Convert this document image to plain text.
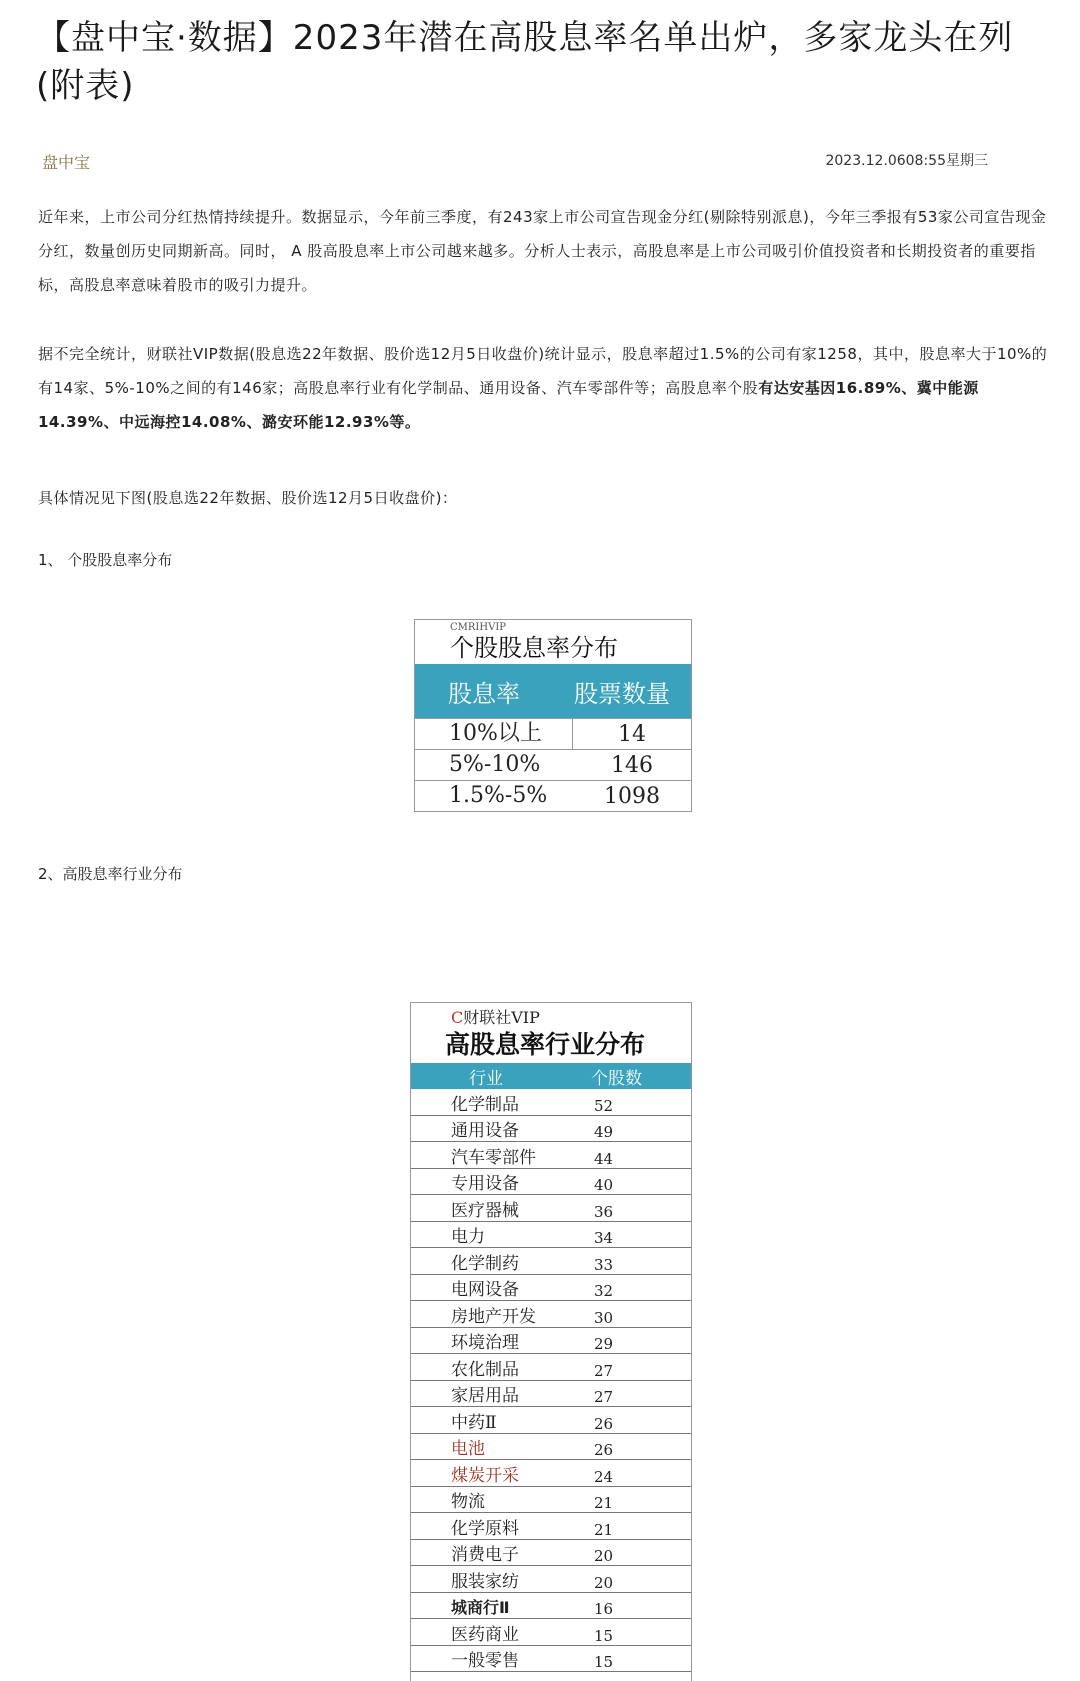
【盘中宝·数据】2023年潜在高股息率名单出炉，多家龙头在列(附表)
盘中宝	2023.12.0608:55星期三

近年来，上市公司分红热情持续提升。数据显示，今年前三季度，有243家上市公司宣告现金分红(剔除特别派息)，今年三季报有53家公司宣告现金分红，数量创历史同期新高。同时， A 股高股息率上市公司越来越多。分析人士表示，高股息率是上市公司吸引价值投资者和长期投资者的重要指标，高股息率意味着股市的吸引力提升。

据不完全统计，财联社VIP数据(股息选22年数据、股价选12月5日收盘价)统计显示，股息率超过1.5%的公司有家1258，其中，股息率大于10%的有14家、5%-10%之间的有146家；高股息率行业有化学制品、通用设备、汽车零部件等；高股息率个股有达安基因16.89%、冀中能源14.39%、中远海控14.08%、潞安环能12.93%等。

具体情况见下图(股息选22年数据、股价选12月5日收盘价)：

1、 个股股息率分布
CMRIHVIP
个股股息率分布
股息率	股票数量
10%以上	14
5%-10%	146
1.5%-5%	1098
2、高股息率行业分布
C财联社VIP
高股息率行业分布
行业	个股数
化学制品	52
通用设备	49
汽车零部件	44
专用设备	40
医疗器械	36
电力	34
化学制药	33
电网设备	32
房地产开发	30
环境治理	29
农化制品	27
家居用品	27
中药Ⅱ	26
电池	26
煤炭开采	24
物流	21
化学原料	21
消费电子	20
服装家纺	20
城商行Ⅱ	16
医药商业	15
一般零售	15
